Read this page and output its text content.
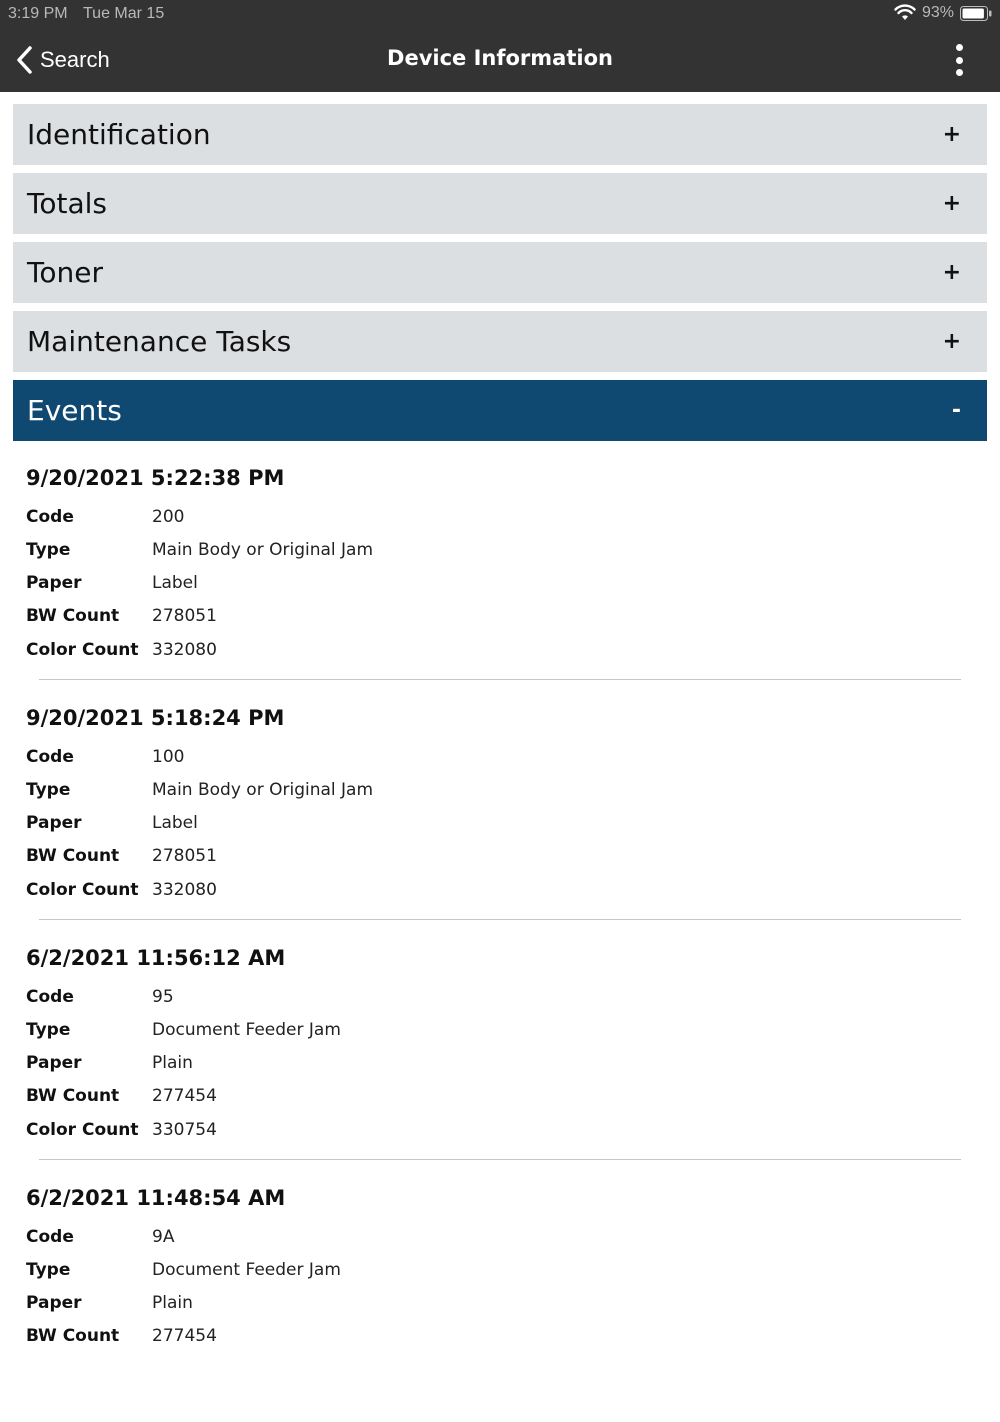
3:19 PM Tue Mar 15	93%
Search	Device Information
Identification	+
Totals	+
Toner	+
Maintenance Tasks	+
Events	-
9/20/2021 5:22:38 PM
Code	200
Type	Main Body or Original Jam
Paper	Label
BW Count	278051
Color Count 332080
9/20/2021 5:18:24 PM
Code	100
Type	Main Body or Original Jam
Paper	Label
BW Count	278051
Color Count 332080
6/2/2021 11:56:12 AM
Code	95
Type	Document Feeder Jam
Paper	Plain
BW Count	277454
Color Count 330754
6/2/2021 11:48:54 AM
Code	9A
Type	Document Feeder Jam
Paper	Plain
BW Count	277454
